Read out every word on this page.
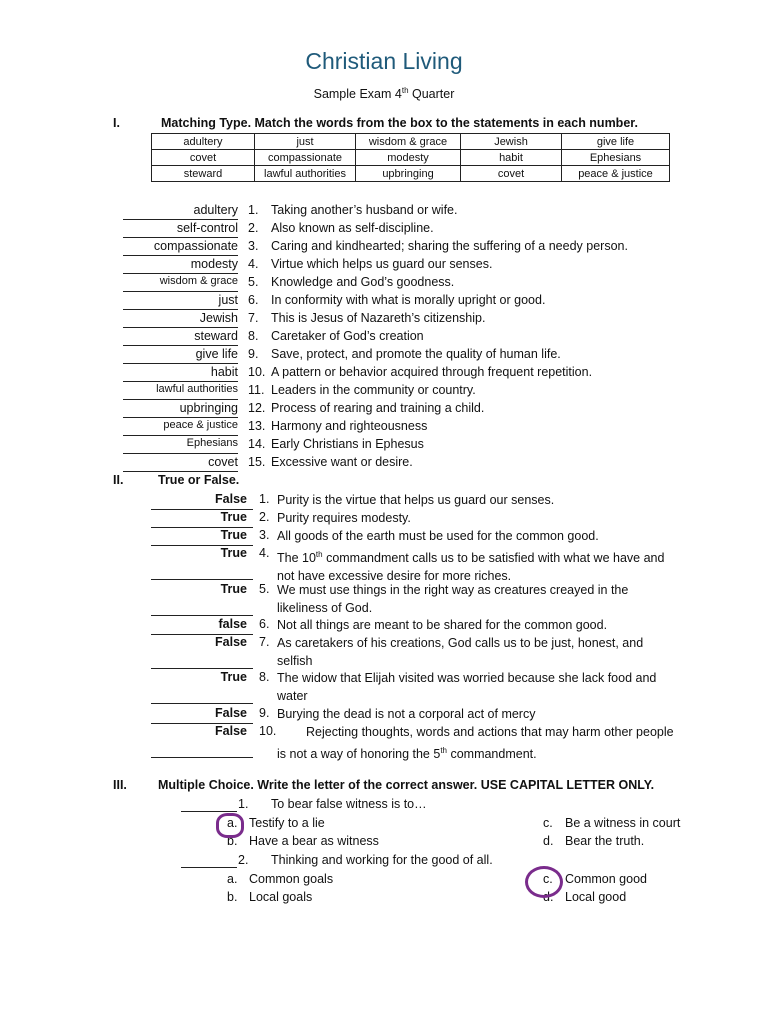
Christian Living
Sample Exam 4th Quarter
I.	Matching Type. Match the words from the box to the statements in each number.
adultery	just	wisdom & grace	Jewish	give life
covet	compassionate	modesty	habit	Ephesians
steward	lawful authorities	upbringing	covet	peace & justice
adultery 1.	Taking another’s husband or wife.
self-control 2.	Also known as self-discipline.
compassionate 3.	Caring and kindhearted; sharing the suffering of a needy person.
modesty 4.	Virtue which helps us guard our senses.
wisdom & grace 5.	Knowledge and God’s goodness.
just 6.	In conformity with what is morally upright or good.
Jewish 7.	This is Jesus of Nazareth’s citizenship.
steward 8.	Caretaker of God’s creation
give life 9.	Save, protect, and promote the quality of human life.
habit 10. A pattern or behavior acquired through frequent repetition.
lawful authorities 11. Leaders in the community or country.
upbringing 12. Process of rearing and training a child.
peace & justice 13. Harmony and righteousness
Ephesians 14. Early Christians in Ephesus
covet 15. Excessive want or desire.
II.	True or False.
False 1. Purity is the virtue that helps us guard our senses.
True 2. Purity requires modesty.
True 3. All goods of the earth must be used for the common good.
True 4. The 10th commandment calls us to be satisfied with what we have and not have excessive desire for more riches.
True 5. We must use things in the right way as creatures creayed in the likeliness of God.
false 6. Not all things are meant to be shared for the common good.
False 7. As caretakers of his creations, God calls us to be just, honest, and selfish
True 8. The widow that Elijah visited was worried because she lack food and water
False 9. Burying the dead is not a corporal act of mercy
False 10.	Rejecting thoughts, words and actions that may harm other people is not a way of honoring the 5th commandment.
III. Multiple Choice. Write the letter of the correct answer. USE CAPITAL LETTER ONLY.
1. To bear false witness is to…
a. Testify to a lie
b. Have a bear as witness
c. Be a witness in court
d. Bear the truth.
2. Thinking and working for the good of all.
a. Common goals
b. Local goals
c. Common good
d. Local good
